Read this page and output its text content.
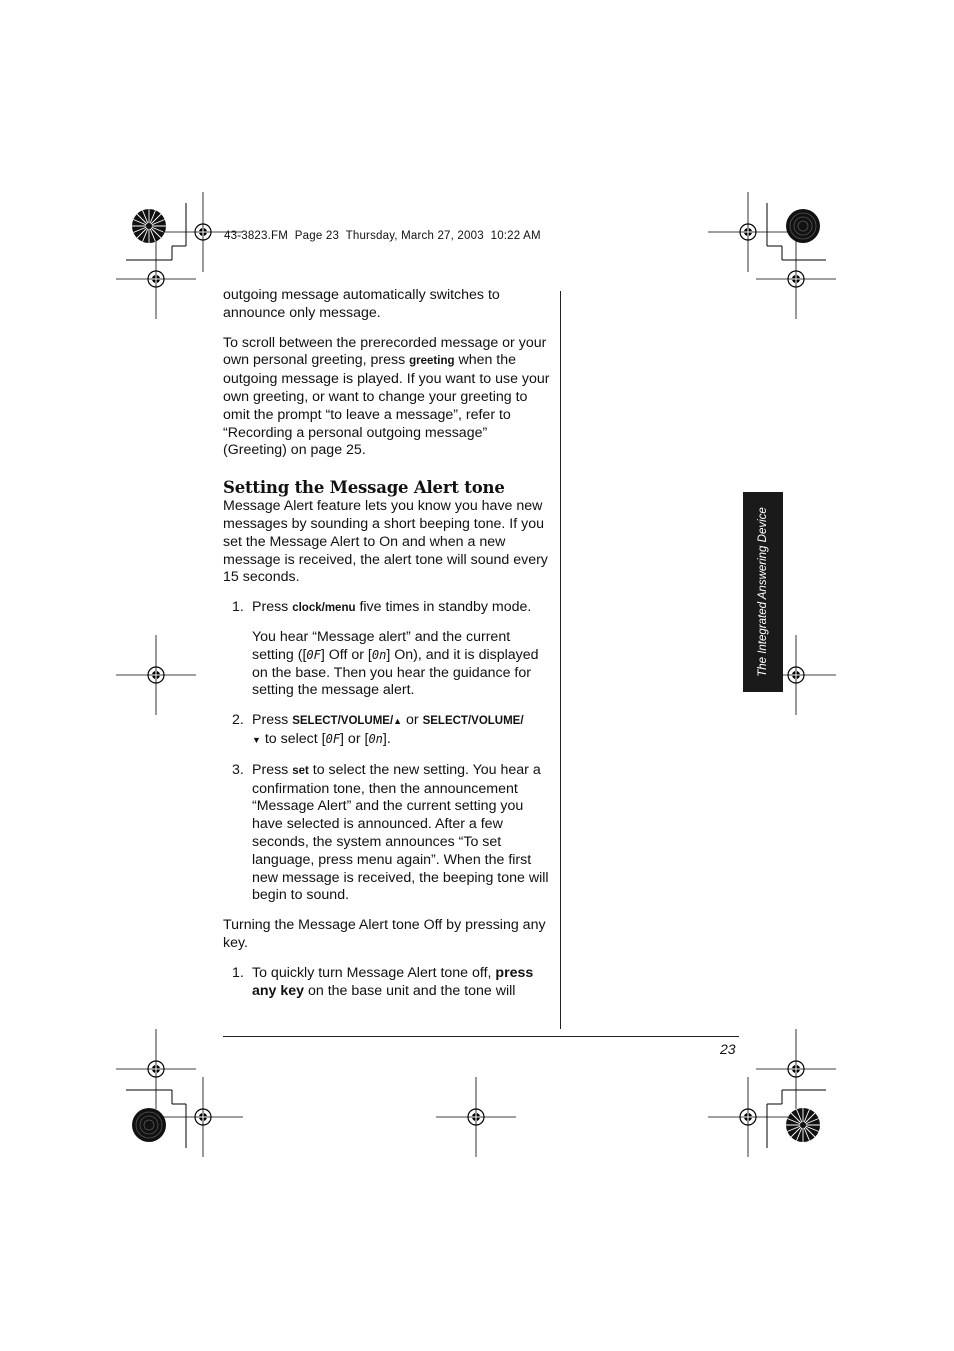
43-3823.FM  Page 23  Thursday, March 27, 2003  10:22 AM
The Integrated Answering Device

outgoing message automatically switches to announce only message.

To scroll between the prerecorded message or your own personal greeting, press greeting when the outgoing message is played. If you want to use your own greeting, or want to change your greeting to omit the prompt “to leave a message”, refer to “Recording a personal outgoing message” (Greeting) on page 25.

Setting the Message Alert tone

Message Alert feature lets you know you have new messages by sounding a short beeping tone. If you set the Message Alert to On and when a new message is received, the alert tone will sound every 15 seconds.

1. Press clock/menu five times in standby mode.
You hear “Message alert” and the current setting ([0F] Off or [0n] On), and it is displayed on the base. Then you hear the guidance for setting the message alert.
2. Press SELECT/VOLUME/▲ or SELECT/VOLUME/
▼ to select [0F] or [0n].
3. Press set to select the new setting. You hear a confirmation tone, then the announcement “Message Alert” and the current setting you have selected is announced. After a few seconds, the system announces “To set language, press menu again”. When the first new message is received, the beeping tone will begin to sound.

Turning the Message Alert tone Off by pressing any key.

1. To quickly turn Message Alert tone off, press any key on the base unit and the tone will
23
